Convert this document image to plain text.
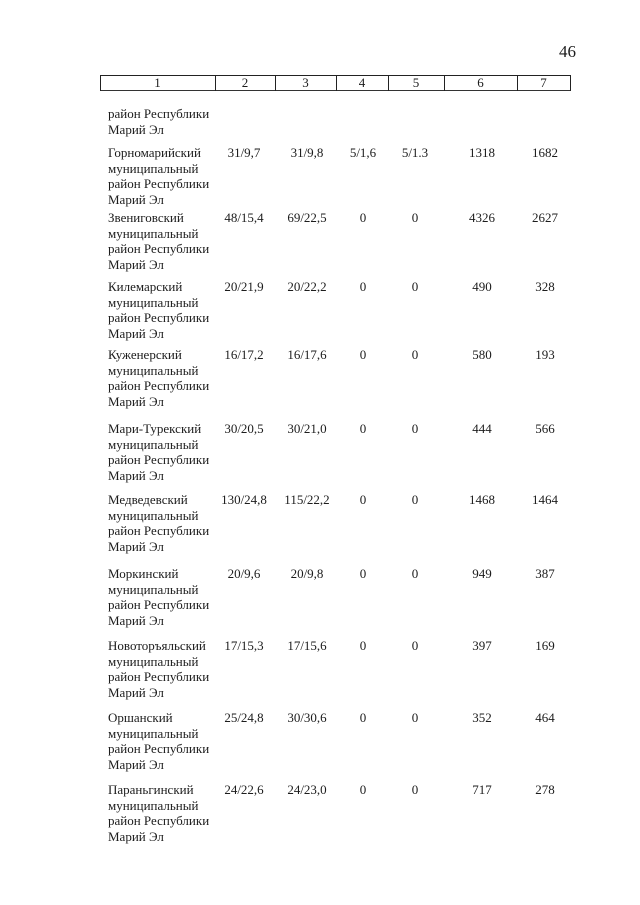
46
1	2	3	4	5	6	7
район Республики
Марий Эл
Горномарийский
муниципальный
район Республики
Марий Эл
31/9,7	31/9,8	5/1,6	5/1.3	1318	1682
Звениговский
муниципальный
район Республики
Марий Эл
48/15,4	69/22,5	0	0	4326	2627
Килемарский
муниципальный
район Республики
Марий Эл
20/21,9	20/22,2	0	0	490	328
Куженерский
муниципальный
район Республики
Марий Эл
16/17,2	16/17,6	0	0	580	193
Мари-Турекский
муниципальный
район Республики
Марий Эл
30/20,5	30/21,0	0	0	444	566
Медведевский
муниципальный
район Республики
Марий Эл
130/24,8	115/22,2	0	0	1468	1464
Моркинский
муниципальный
район Республики
Марий Эл
20/9,6	20/9,8	0	0	949	387
Новоторъяльский
муниципальный
район Республики
Марий Эл
17/15,3	17/15,6	0	0	397	169
Оршанский
муниципальный
район Республики
Марий Эл
25/24,8	30/30,6	0	0	352	464
Параньгинский
муниципальный
район Республики
Марий Эл
24/22,6	24/23,0	0	0	717	278
